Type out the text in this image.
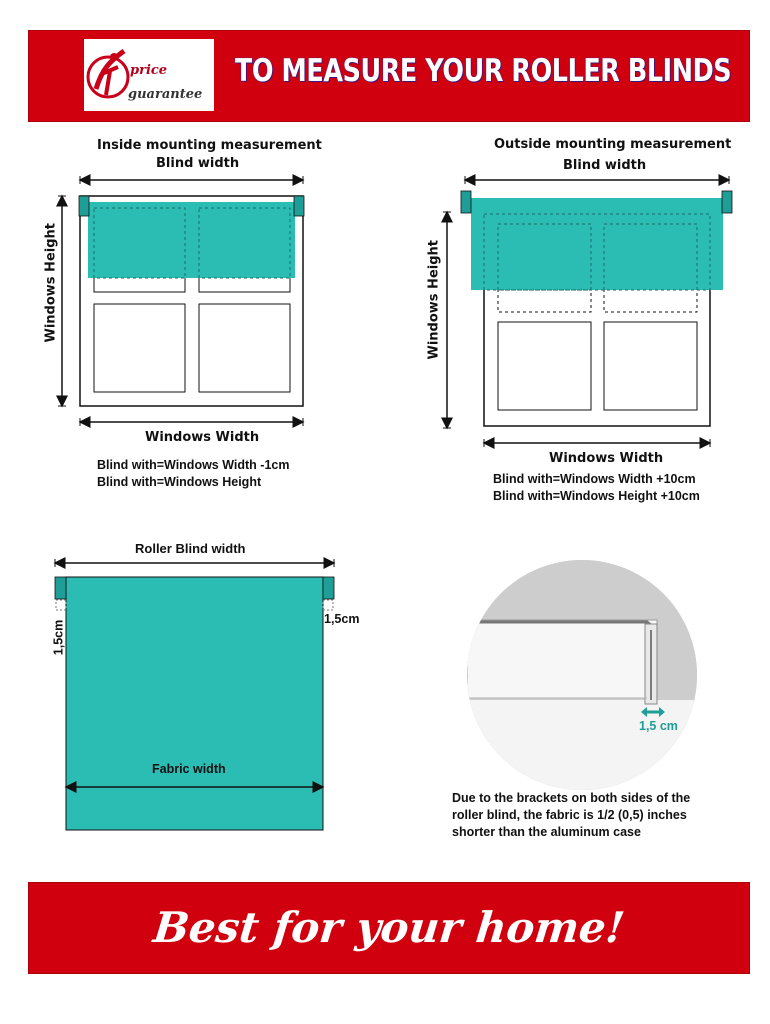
price
guarantee
TO MEASURE YOUR ROLLER BLINDS
Inside mounting measurement
Blind width
Windows Height
Windows Width
Blind with=Windows Width -1cm
Blind with=Windows Height
Outside mounting measurement
Blind width
Windows Height
Windows Width
Blind with=Windows Width +10cm
Blind with=Windows Height +10cm
Roller Blind width
1,5cm
1,5cm
Fabric width
1,5 cm
Due to the brackets on both sides of the
roller blind, the fabric is 1/2 (0,5) inches
shorter than the aluminum case
Best for your home!
